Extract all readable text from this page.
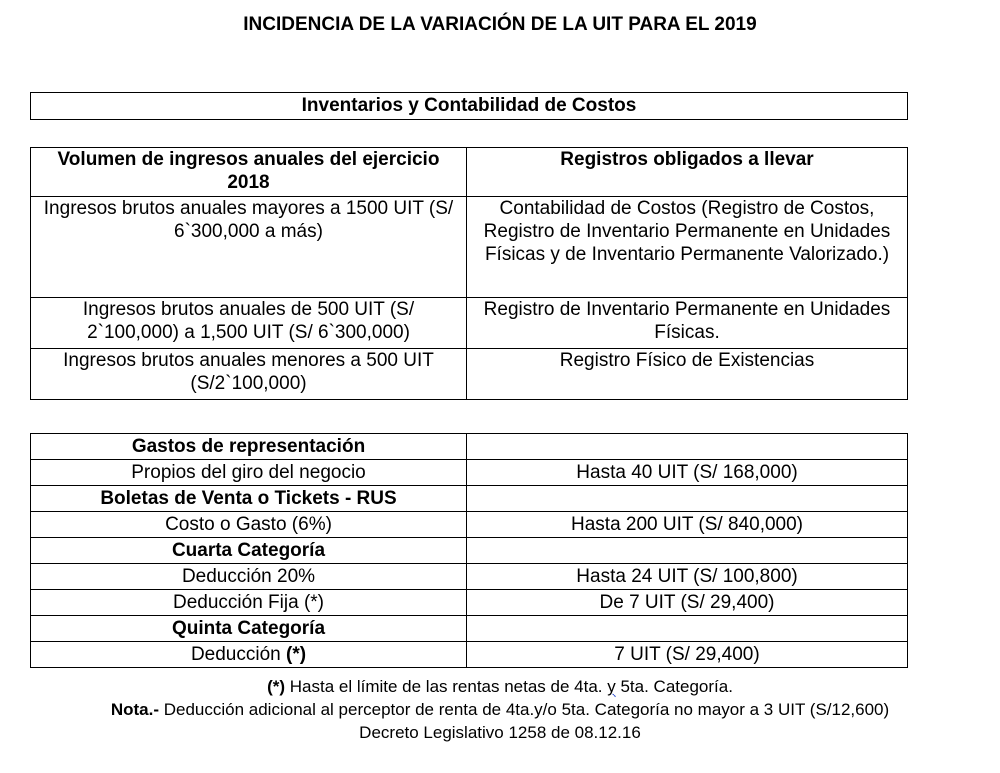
INCIDENCIA DE LA VARIACIÓN DE LA UIT PARA EL 2019
Inventarios y Contabilidad de Costos
Volumen de ingresos anuales del ejercicio 2018	Registros obligados a llevar
Ingresos brutos anuales mayores a 1500 UIT (S/ 6`300,000 a más)	Contabilidad de Costos (Registro de Costos, Registro de Inventario Permanente en Unidades Físicas y de Inventario Permanente Valorizado.)
Ingresos brutos anuales de 500 UIT (S/ 2`100,000) a 1,500 UIT (S/ 6`300,000)	Registro de Inventario Permanente en Unidades Físicas.
Ingresos brutos anuales menores a 500 UIT (S/2`100,000)	Registro Físico de Existencias
Gastos de representación	
Propios del giro del negocio	Hasta 40 UIT (S/ 168,000)
Boletas de Venta o Tickets - RUS	
Costo o Gasto (6%)	Hasta 200 UIT (S/ 840,000)
Cuarta Categoría	
Deducción 20%	Hasta 24 UIT (S/ 100,800)
Deducción Fija (*)	De 7 UIT (S/ 29,400)
Quinta Categoría	
Deducción (*)	7 UIT (S/ 29,400)
(*) Hasta el límite de las rentas netas de 4ta. y 5ta. Categoría.
Nota.- Deducción adicional al perceptor de renta de 4ta.y/o 5ta. Categoría no mayor a 3 UIT (S/12,600)
Decreto Legislativo 1258 de 08.12.16
